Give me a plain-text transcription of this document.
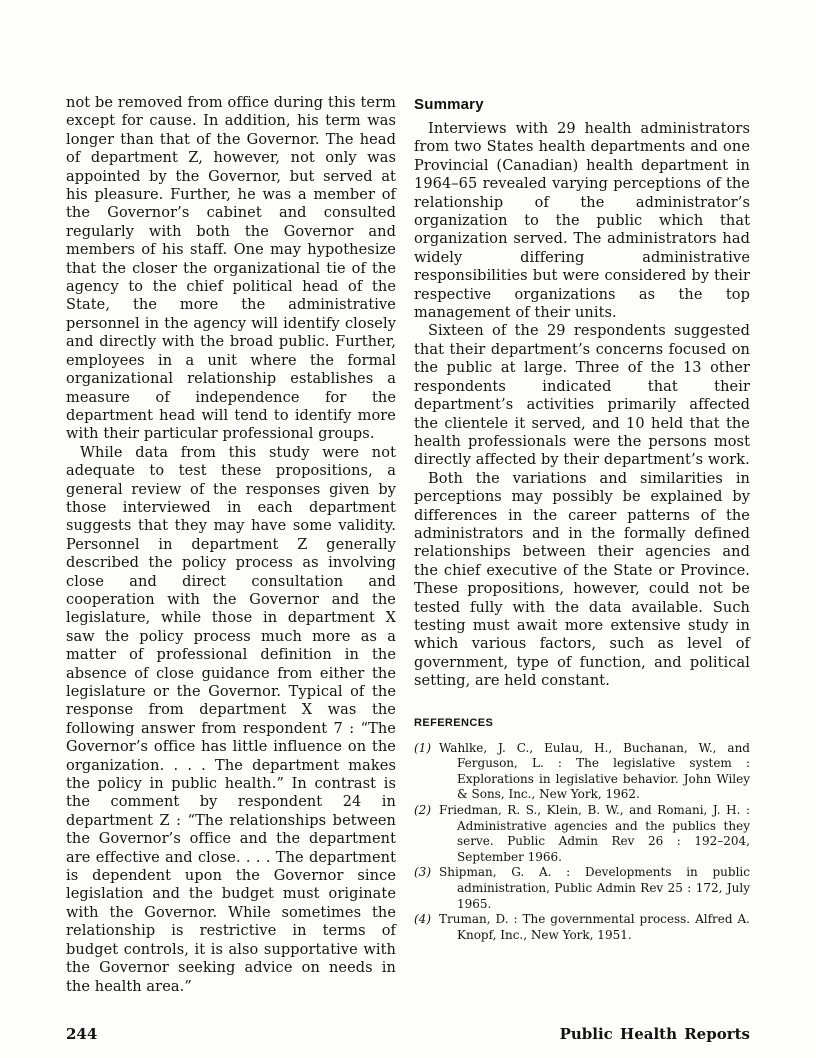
not be removed from office during this term except for cause. In addition, his term was longer than that of the Governor. The head of department Z, however, not only was appointed by the Governor, but served at his pleasure. Further, he was a member of the Governor’s cabinet and consulted regularly with both the Governor and members of his staff. One may hypothesize that the closer the organizational tie of the agency to the chief political head of the State, the more the administrative personnel in the agency will identify closely and directly with the broad public. Further, employees in a unit where the formal organizational relationship establishes a measure of independence for the department head will tend to identify more with their particular professional groups.

While data from this study were not adequate to test these propositions, a general review of the responses given by those interviewed in each department suggests that they may have some validity. Personnel in department Z generally described the policy process as involving close and direct consultation and cooperation with the Governor and the legislature, while those in department X saw the policy process much more as a matter of professional definition in the absence of close guidance from either the legislature or the Governor. Typical of the response from department X was the following answer from respondent 7 : “The Governor’s office has little influence on the organization. . . . The department makes the policy in public health.” In contrast is the comment by respondent 24 in department Z : “The relationships between the Governor’s office and the department are effective and close. . . . The department is dependent upon the Governor since legislation and the budget must originate with the Governor. While sometimes the relationship is restrictive in terms of budget controls, it is also supportative with the Governor seeking advice on needs in the health area.”

Summary

Interviews with 29 health administrators from two States health departments and one Provincial (Canadian) health department in 1964–65 revealed varying perceptions of the relationship of the administrator’s organization to the public which that organization served. The administrators had widely differing administrative responsibilities but were considered by their respective organizations as the top management of their units.

Sixteen of the 29 respondents suggested that their department’s concerns focused on the public at large. Three of the 13 other respondents indicated that their department’s activities primarily affected the clientele it served, and 10 held that the health professionals were the persons most directly affected by their department’s work.

Both the variations and similarities in perceptions may possibly be explained by differences in the career patterns of the administrators and in the formally defined relationships between their agencies and the chief executive of the State or Province. These propositions, however, could not be tested fully with the data available. Such testing must await more extensive study in which various factors, such as level of government, type of function, and political setting, are held constant.

REFERENCES

(1) Wahlke, J. C., Eulau, H., Buchanan, W., and Ferguson, L. : The legislative system : Explorations in legislative behavior. John Wiley & Sons, Inc., New York, 1962.

(2) Friedman, R. S., Klein, B. W., and Romani, J. H. : Administrative agencies and the publics they serve. Public Admin Rev 26 : 192–204, September 1966.

(3) Shipman, G. A. : Developments in public administration, Public Admin Rev 25 : 172, July 1965.

(4) Truman, D. : The governmental process. Alfred A. Knopf, Inc., New York, 1951.

244	Public Health Reports
